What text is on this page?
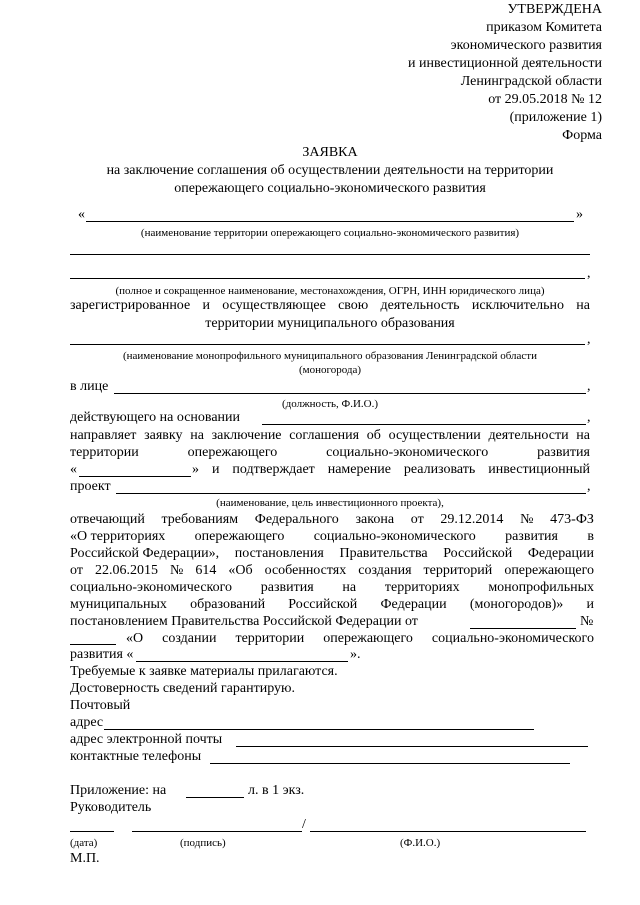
УТВЕРЖДЕНА
приказом Комитета
экономического развития
и инвестиционной деятельности
Ленинградской области
от 29.05.2018 № 12
(приложение 1)
Форма
ЗАЯВКА
на заключение соглашения об осуществлении деятельности на территории
опережающего социально-экономического развития
«	»
(наименование территории опережающего социально-экономического развития)
,
(полное и сокращенное наименование, местонахождения, ОГРН, ИНН юридического лица)
зарегистрированное и осуществляющее свою деятельность исключительно на
территории муниципального образования
,
(наименование монопрофильного муниципального образования Ленинградской области
(моногорода)
в лице	,
(должность, Ф.И.О.)
действующего на основании	,
направляет заявку на заключение соглашения об осуществлении деятельности на
территории	опережающего	социально-экономического	развития
«	» и подтверждает намерение реализовать инвестиционный
проект	,
(наименование, цель инвестиционного проекта),
отвечающий требованиям Федерального закона от 29.12.2014 № 473-ФЗ
«О территориях опережающего социально-экономического развития в
Российской Федерации», постановления Правительства Российской Федерации
от 22.06.2015 № 614 «Об особенностях создания территорий опережающего
социально-экономического развития на территориях монопрофильных
муниципальных образований Российской Федерации (моногородов)» и
постановлением Правительства Российской Федерации от	№
«О создании территории опережающего социально-экономического
развития «	».
Требуемые к заявке материалы прилагаются.
Достоверность сведений гарантирую.
Почтовый
адрес
адрес электронной почты
контактные телефоны
Приложение: на	л. в 1 экз.
Руководитель
/
(дата)	(подпись)	(Ф.И.О.)
М.П.
